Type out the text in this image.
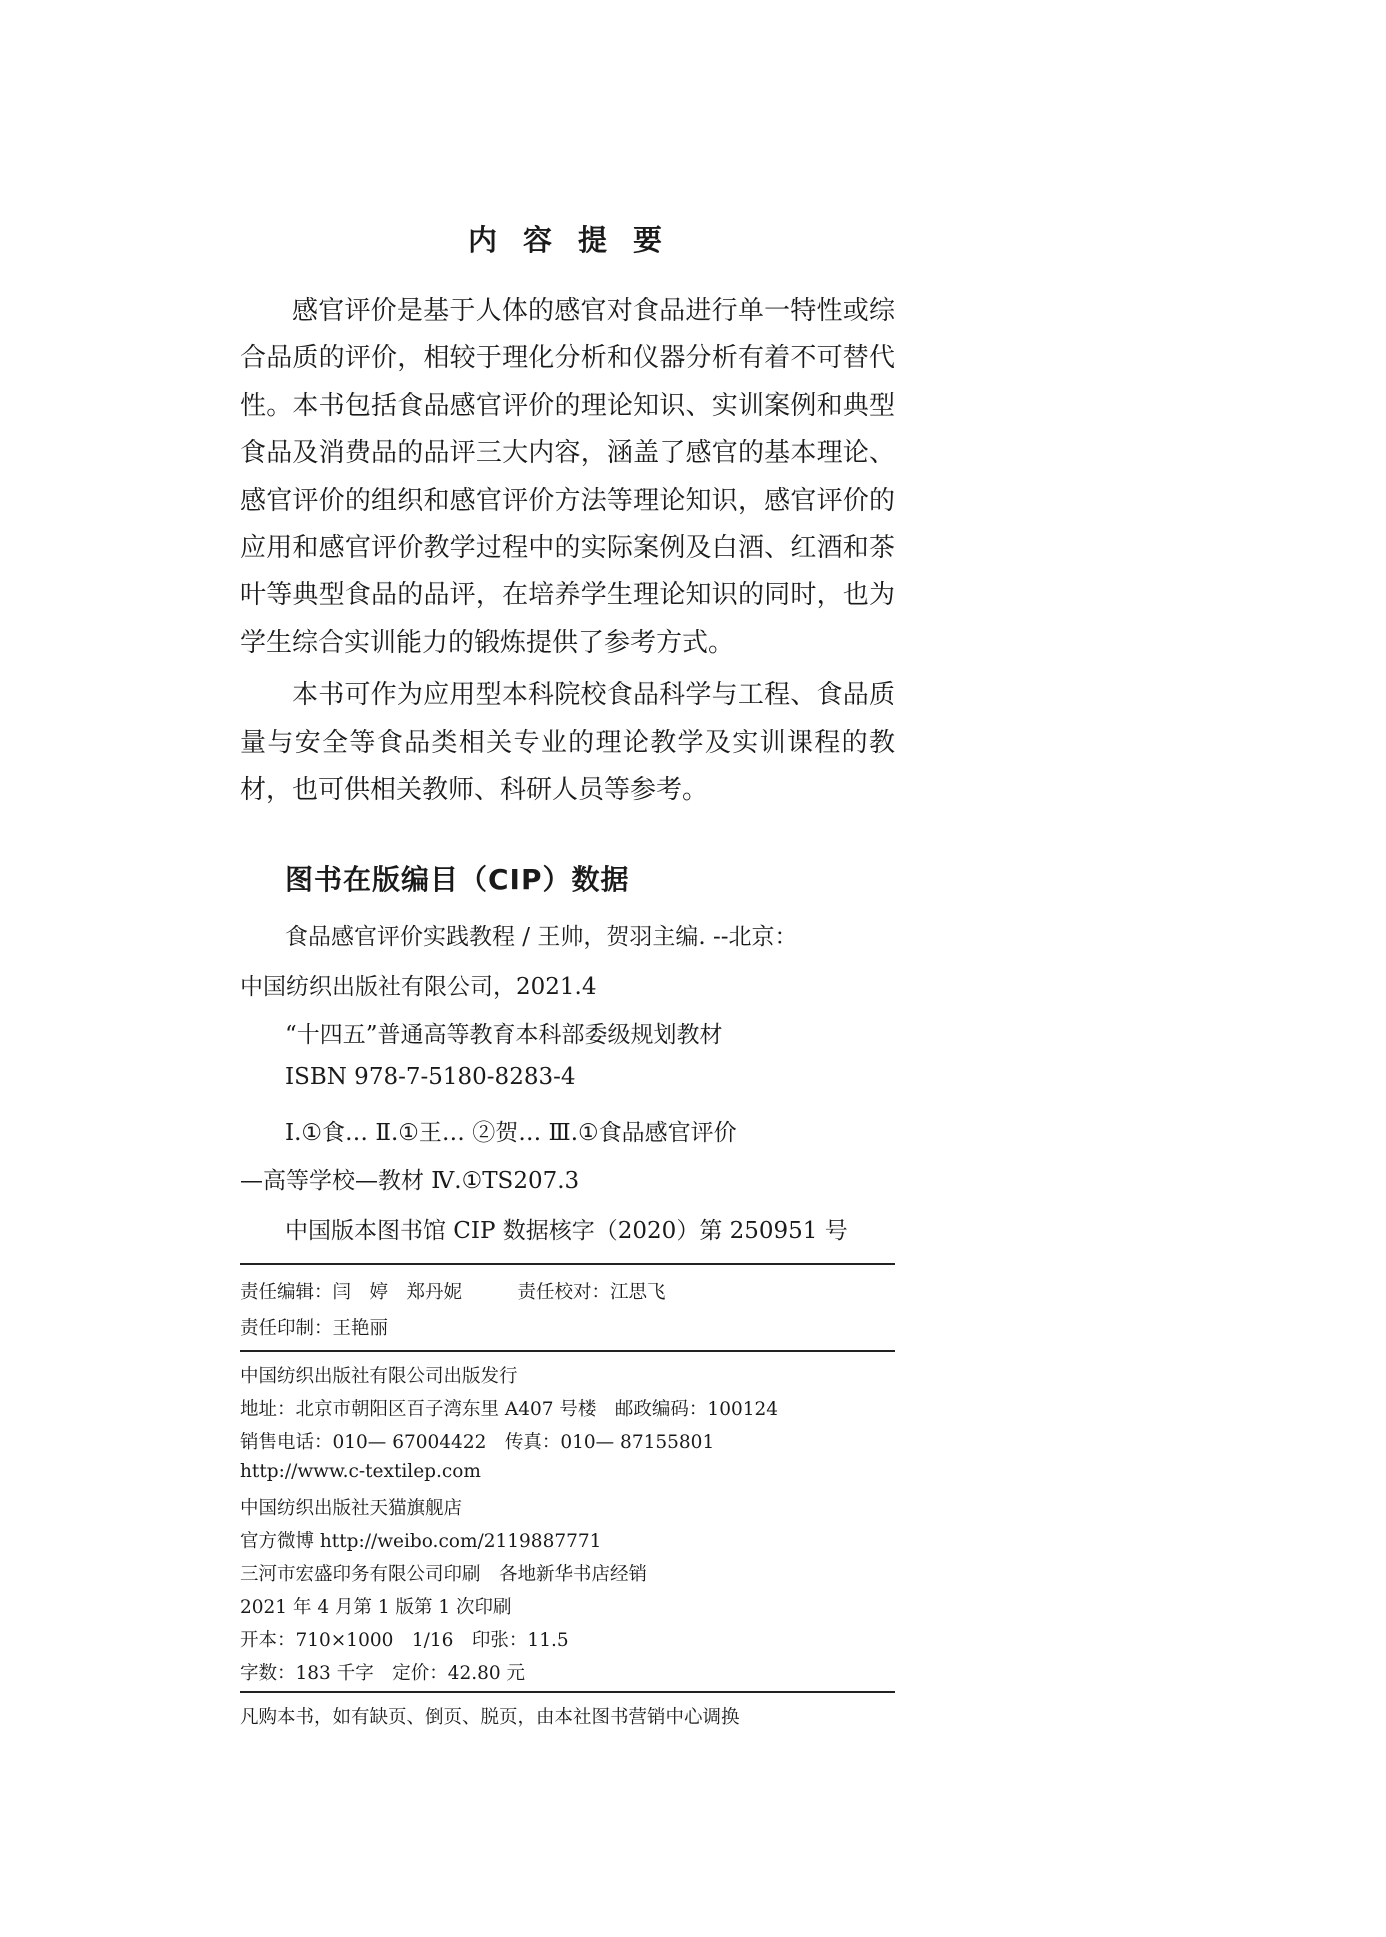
内容提要

感官评价是基于人体的感官对食品进行单一特性或综合品质的评价，相较于理化分析和仪器分析有着不可替代性。本书包括食品感官评价的理论知识、实训案例和典型食品及消费品的品评三大内容，涵盖了感官的基本理论、感官评价的组织和感官评价方法等理论知识，感官评价的应用和感官评价教学过程中的实际案例及白酒、红酒和茶叶等典型食品的品评，在培养学生理论知识的同时，也为学生综合实训能力的锻炼提供了参考方式。

本书可作为应用型本科院校食品科学与工程、食品质量与安全等食品类相关专业的理论教学及实训课程的教材，也可供相关教师、科研人员等参考。

图书在版编目（CIP）数据
食品感官评价实践教程 / 王帅，贺羽主编. --北京：
中国纺织出版社有限公司，2021.4
“十四五”普通高等教育本科部委级规划教材
ISBN 978-7-5180-8283-4
Ⅰ.①食… Ⅱ.①王… ②贺… Ⅲ.①食品感官评价
—高等学校—教材 Ⅳ.①TS207.3
中国版本图书馆 CIP 数据核字（2020）第 250951 号
责任编辑：闫　婷　郑丹妮　　　责任校对：江思飞
责任印制：王艳丽
中国纺织出版社有限公司出版发行
地址：北京市朝阳区百子湾东里 A407 号楼　邮政编码：100124
销售电话：010— 67004422　传真：010— 87155801
http://www.c-textilep.com
中国纺织出版社天猫旗舰店
官方微博 http://weibo.com/2119887771
三河市宏盛印务有限公司印刷　各地新华书店经销
2021 年 4 月第 1 版第 1 次印刷
开本：710×1000　1/16　印张：11.5
字数：183 千字　定价：42.80 元
凡购本书，如有缺页、倒页、脱页，由本社图书营销中心调换
